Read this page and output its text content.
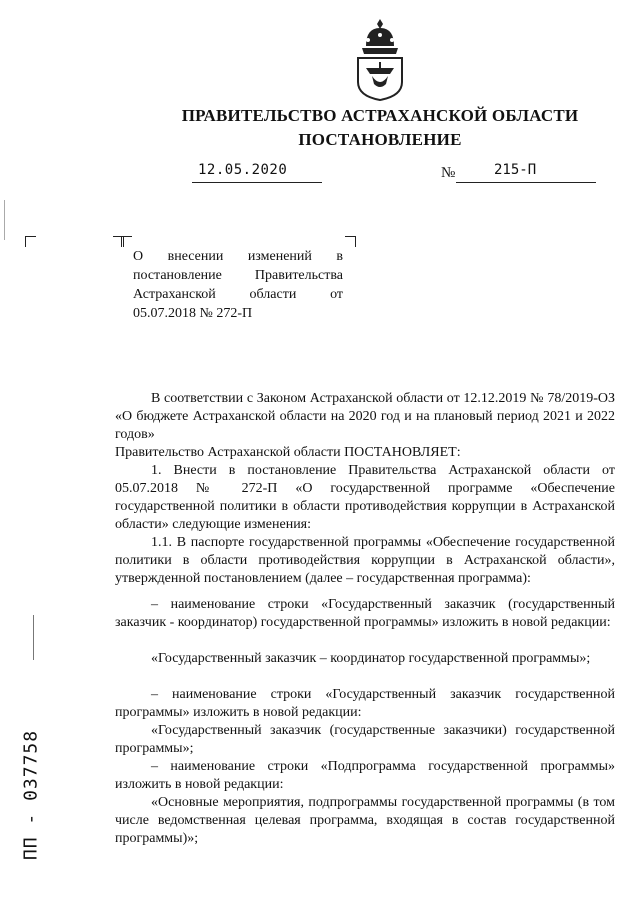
ПРАВИТЕЛЬСТВО АСТРАХАНСКОЙ ОБЛАСТИ
ПОСТАНОВЛЕНИЕ
12.05.2020	№	215-П
О внесении изменений в постановление Правительства Астраханской области от 05.07.2018 № 272-П
В соответствии с Законом Астраханской области от 12.12.2019 № 78/2019-ОЗ «О бюджете Астраханской области на 2020 год и на плановый период 2021 и 2022 годов»
Правительство Астраханской области ПОСТАНОВЛЯЕТ:
1. Внести в постановление Правительства Астраханской области от 05.07.2018 № 272-П «О государственной программе «Обеспечение государственной политики в области противодействия коррупции в Астраханской области» следующие изменения:
1.1. В паспорте государственной программы «Обеспечение государственной политики в области противодействия коррупции в Астраханской области», утвержденной постановлением (далее – государственная программа):
– наименование строки «Государственный заказчик (государственный заказчик - координатор) государственной программы» изложить в новой редакции:
«Государственный заказчик – координатор государственной программы»;
– наименование строки «Государственный заказчик государственной программы» изложить в новой редакции:
«Государственный заказчик (государственные заказчики) государственной программы»;
– наименование строки «Подпрограмма государственной программы» изложить в новой редакции:
«Основные мероприятия, подпрограммы государственной программы (в том числе ведомственная целевая программа, входящая в состав государственной программы)»;
ПП - 037758
